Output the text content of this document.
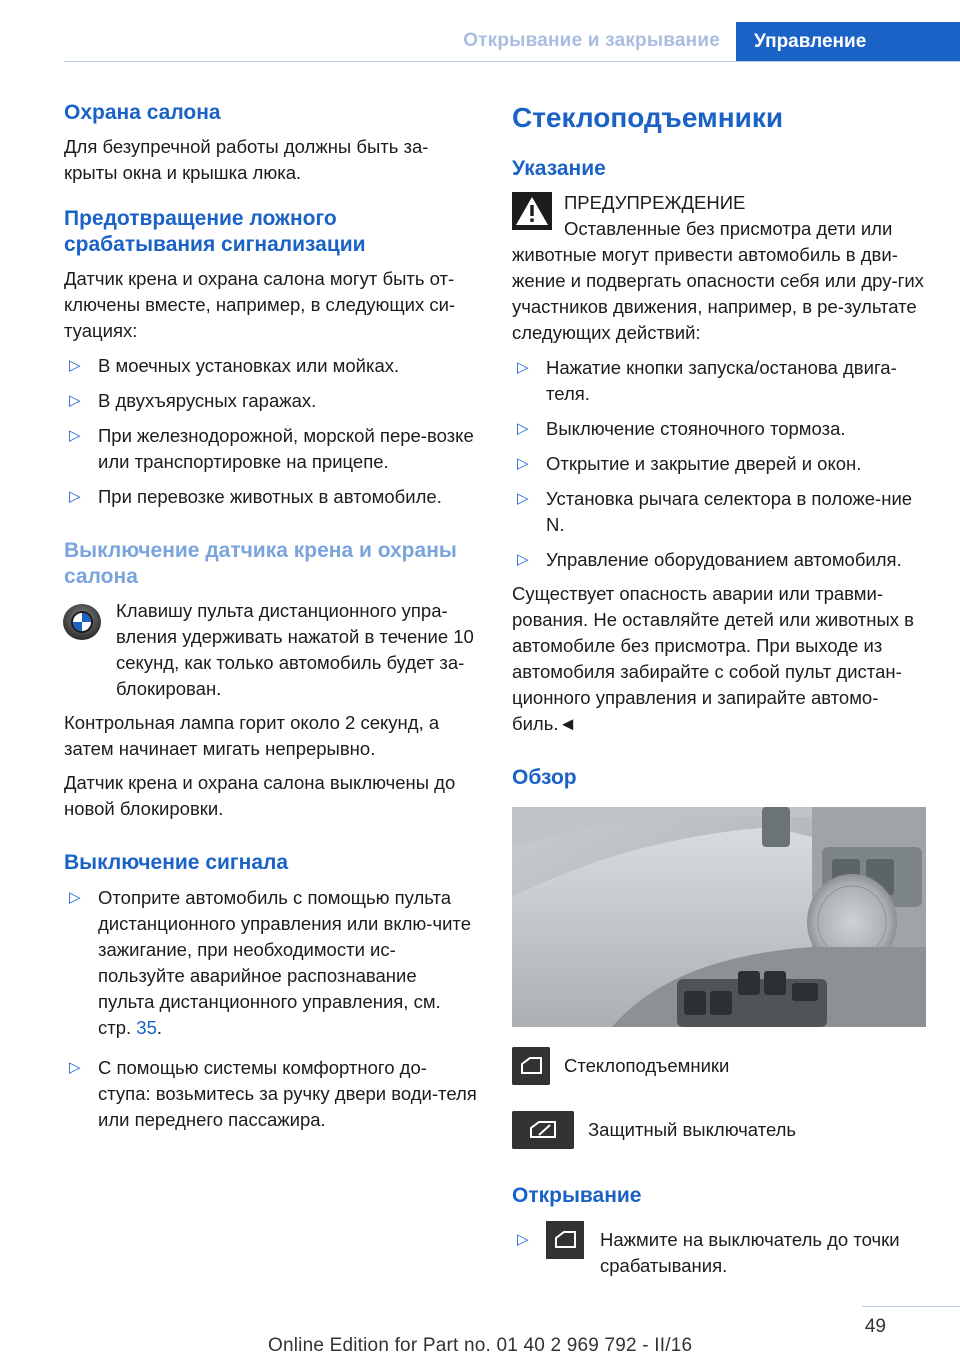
Открывание и закрывание	Управление
Охрана салона

Для безупречной работы должны быть за-крыты окна и крышка люка.

Предотвращение ложного срабатывания сигнализации

Датчик крена и охрана салона могут быть от-ключены вместе, например, в следующих си-туациях:

▷ В моечных установках или мойках.
▷ В двухъярусных гаражах.
▷ При железнодорожной, морской пере-возке или транспортировке на прицепе.
▷ При перевозке животных в автомобиле.
Выключение датчика крена и охраны салона

Клавишу пульта дистанционного упра-вления удерживать нажатой в течение 10 секунд, как только автомобиль будет за-блокирован.

Контрольная лампа горит около 2 секунд, а затем начинает мигать непрерывно.

Датчик крена и охрана салона выключены до новой блокировки.

Выключение сигнала
▷ Отоприте автомобиль с помощью пульта дистанционного управления или вклю-чите зажигание, при необходимости ис-пользуйте аварийное распознавание пульта дистанционного управления, см. стр. 35.
▷ С помощью системы комфортного до-ступа: возьмитесь за ручку двери води-теля или переднего пассажира.
Стеклоподъемники
Указание

ПРЕДУПРЕЖДЕНИЕ

Оставленные без присмотра дети или животные могут привести автомобиль в дви-жение и подвергать опасности себя или дру-гих участников движения, например, в ре-зультате следующих действий:

▷ Нажатие кнопки запуска/останова двига-теля.
▷ Выключение стояночного тормоза.
▷ Открытие и закрытие дверей и окон.
▷ Установка рычага селектора в положе-ние N.
▷ Управление оборудованием автомобиля.

Существует опасность аварии или травми-рования. Не оставляйте детей или животных в автомобиле без присмотра. При выходе из автомобиля забирайте с собой пульт дистан-ционного управления и запирайте автомо-биль.◄

Обзор
Стеклоподъемники
Защитный выключатель
Открывание
▷	Нажмите на выключатель до точки срабатывания.
49
Online Edition for Part no. 01 40 2 969 792 - II/16
